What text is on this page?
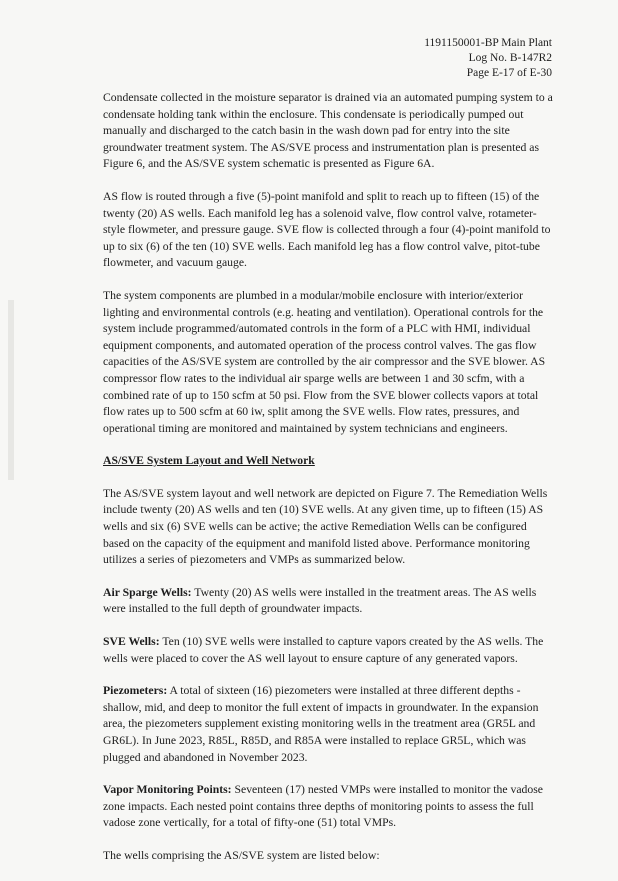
1191150001-BP Main Plant
Log No. B-147R2
Page E-17 of E-30

Condensate collected in the moisture separator is drained via an automated pumping system to a condensate holding tank within the enclosure. This condensate is periodically pumped out manually and discharged to the catch basin in the wash down pad for entry into the site groundwater treatment system. The AS/SVE process and instrumentation plan is presented as Figure 6, and the AS/SVE system schematic is presented as Figure 6A.

AS flow is routed through a five (5)-point manifold and split to reach up to fifteen (15) of the twenty (20) AS wells. Each manifold leg has a solenoid valve, flow control valve, rotameter-style flowmeter, and pressure gauge. SVE flow is collected through a four (4)-point manifold to up to six (6) of the ten (10) SVE wells. Each manifold leg has a flow control valve, pitot-tube flowmeter, and vacuum gauge.

The system components are plumbed in a modular/mobile enclosure with interior/exterior lighting and environmental controls (e.g. heating and ventilation). Operational controls for the system include programmed/automated controls in the form of a PLC with HMI, individual equipment components, and automated operation of the process control valves. The gas flow capacities of the AS/SVE system are controlled by the air compressor and the SVE blower. AS compressor flow rates to the individual air sparge wells are between 1 and 30 scfm, with a combined rate of up to 150 scfm at 50 psi. Flow from the SVE blower collects vapors at total flow rates up to 500 scfm at 60 iw, split among the SVE wells. Flow rates, pressures, and operational timing are monitored and maintained by system technicians and engineers.

AS/SVE System Layout and Well Network

The AS/SVE system layout and well network are depicted on Figure 7. The Remediation Wells include twenty (20) AS wells and ten (10) SVE wells. At any given time, up to fifteen (15) AS wells and six (6) SVE wells can be active; the active Remediation Wells can be configured based on the capacity of the equipment and manifold listed above. Performance monitoring utilizes a series of piezometers and VMPs as summarized below.

Air Sparge Wells: Twenty (20) AS wells were installed in the treatment areas. The AS wells were installed to the full depth of groundwater impacts.

SVE Wells: Ten (10) SVE wells were installed to capture vapors created by the AS wells. The wells were placed to cover the AS well layout to ensure capture of any generated vapors.

Piezometers: A total of sixteen (16) piezometers were installed at three different depths - shallow, mid, and deep to monitor the full extent of impacts in groundwater. In the expansion area, the piezometers supplement existing monitoring wells in the treatment area (GR5L and GR6L). In June 2023, R85L, R85D, and R85A were installed to replace GR5L, which was plugged and abandoned in November 2023.

Vapor Monitoring Points: Seventeen (17) nested VMPs were installed to monitor the vadose zone impacts. Each nested point contains three depths of monitoring points to assess the full vadose zone vertically, for a total of fifty-one (51) total VMPs.

The wells comprising the AS/SVE system are listed below:
